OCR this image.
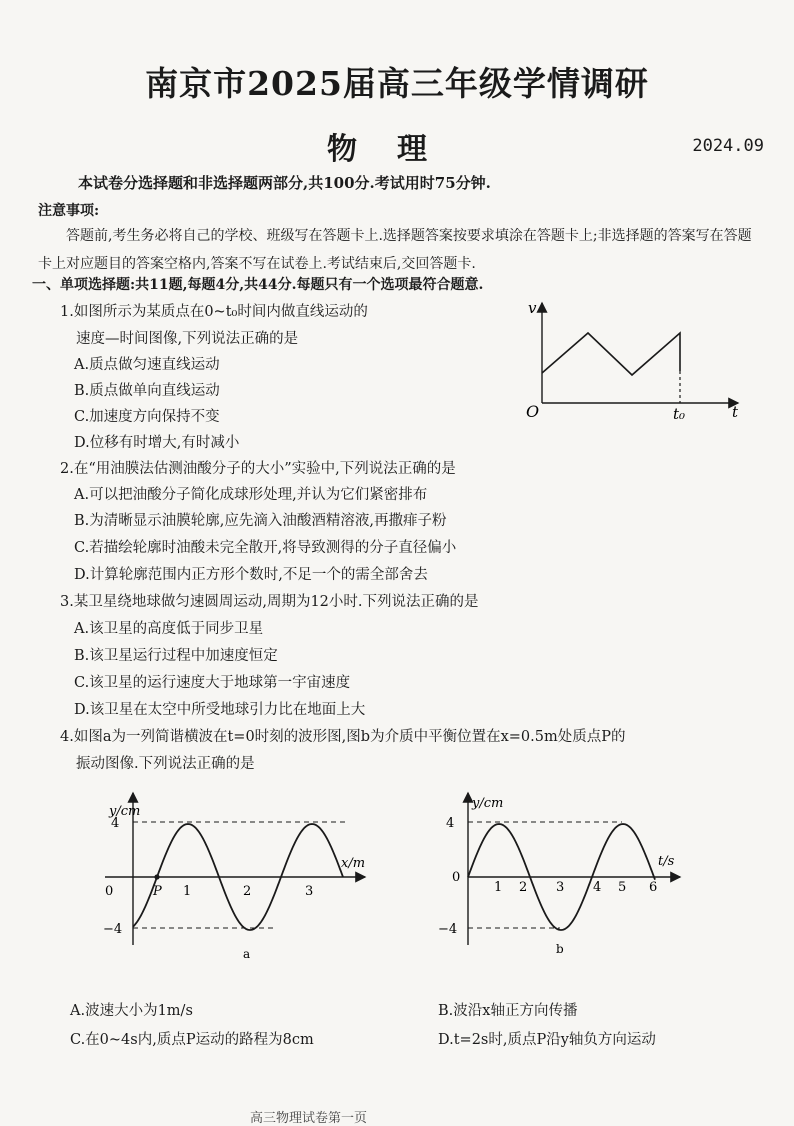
南京市2025届高三年级学情调研
物理	2024.09
本试卷分选择题和非选择题两部分,共100分.考试用时75分钟.
注意事项:
答题前,考生务必将自己的学校、班级写在答题卡上.选择题答案按要求填涂在答题卡上;非选择题的答案写在答题卡上对应题目的答案空格内,答案不写在试卷上.考试结束后,交回答题卡.
一、单项选择题:共11题,每题4分,共44分.每题只有一个选项最符合题意.
1.如图所示为某质点在0~t₀时间内做直线运动的
速度—时间图像,下列说法正确的是
A.质点做匀速直线运动
B.质点做单向直线运动
C.加速度方向保持不变
D.位移有时增大,有时减小
v
O	t₀	t
2.在“用油膜法估测油酸分子的大小”实验中,下列说法正确的是
A.可以把油酸分子简化成球形处理,并认为它们紧密排布
B.为清晰显示油膜轮廓,应先滴入油酸酒精溶液,再撒痱子粉
C.若描绘轮廓时油酸未完全散开,将导致测得的分子直径偏小
D.计算轮廓范围内正方形个数时,不足一个的需全部舍去
3.某卫星绕地球做匀速圆周运动,周期为12小时.下列说法正确的是
A.该卫星的高度低于同步卫星
B.该卫星运行过程中加速度恒定
C.该卫星的运行速度大于地球第一宇宙速度
D.该卫星在太空中所受地球引力比在地面上大
4.如图a为一列简谐横波在t=0时刻的波形图,图b为介质中平衡位置在x=0.5m处质点P的
振动图像.下列说法正确的是
y/cm
4
−4
0	P 1	2	3
x/m
a
y/cm
4
−4
0
1 2 3 4 5 6
t/s
b
A.波速大小为1m/s	B.波沿x轴正方向传播
C.在0~4s内,质点P运动的路程为8cm	D.t=2s时,质点P沿y轴负方向运动
高三物理试卷第一页
